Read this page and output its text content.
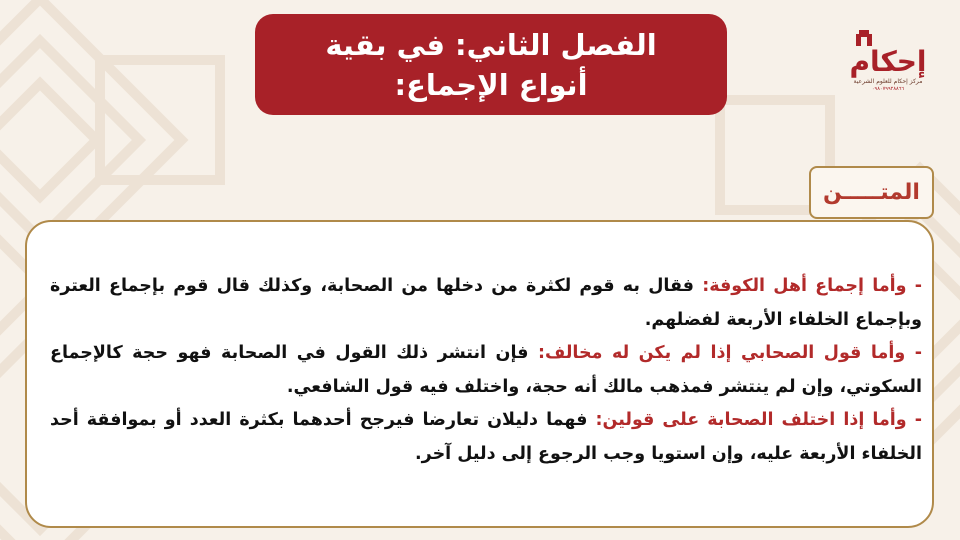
الفصل الثاني: في بقية
أنواع الإجماع:
إحكام
مركز إحكام للعلوم الشرعية
٠٩٨٠٧٩٩٢٨٨٦٦
المتـــــن

- وأما إجماع أهل الكوفة: فقال به قوم لكثرة من دخلها من الصحابة، وكذلك قال قوم بإجماع العترة وبإجماع الخلفاء الأربعة لفضلهم.

- وأما قول الصحابي إذا لم يكن له مخالف: فإن انتشر ذلك القول في الصحابة فهو حجة كالإجماع السكوتي، وإن لم ينتشر فمذهب مالك أنه حجة، واختلف فيه قول الشافعي.

- وأما إذا اختلف الصحابة على قولين: فهما دليلان تعارضا فيرجح أحدهما بكثرة العدد أو بموافقة أحد الخلفاء الأربعة عليه، وإن استويا وجب الرجوع إلى دليل آخر.
